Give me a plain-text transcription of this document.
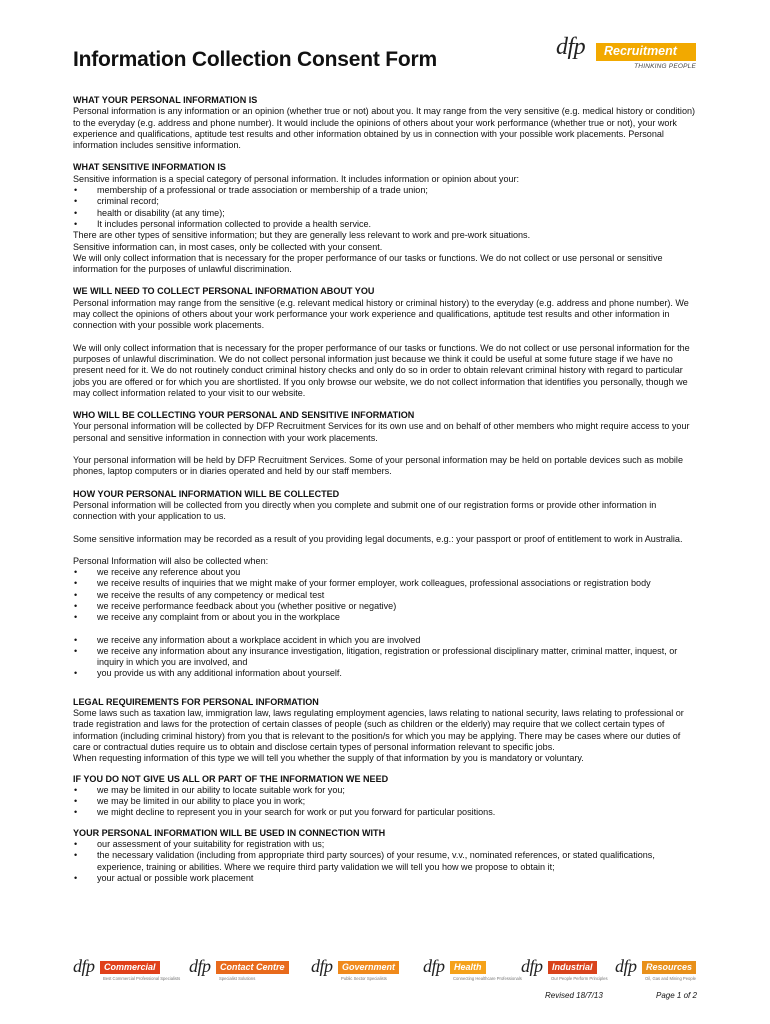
Information Collection Consent Form	dfp Recruitment
THINKING PEOPLE
WHAT YOUR PERSONAL INFORMATION IS

Personal information is any information or an opinion (whether true or not) about you. It may range from the very sensitive (e.g. medical history or condition) to the everyday (e.g. address and phone number). It would include the opinions of others about your work performance (whether true or not), your work experience and qualifications, aptitude test results and other information obtained by us in connection with your possible work placements. Personal information includes sensitive information.

WHAT SENSITIVE INFORMATION IS

Sensitive information is a special category of personal information. It includes information or opinion about your:

• membership of a professional or trade association or membership of a trade union;
• criminal record;
• health or disability (at any time);
• It includes personal information collected to provide a health service.

There are other types of sensitive information; but they are generally less relevant to work and pre-work situations.

Sensitive information can, in most cases, only be collected with your consent.

We will only collect information that is necessary for the proper performance of our tasks or functions. We do not collect or use personal or sensitive information for the purposes of unlawful discrimination.

WE WILL NEED TO COLLECT PERSONAL INFORMATION ABOUT YOU

Personal information may range from the sensitive (e.g. relevant medical history or criminal history) to the everyday (e.g. address and phone number). We may collect the opinions of others about your work performance your work experience and qualifications, aptitude test results and other information in connection with your possible work placements.

We will only collect information that is necessary for the proper performance of our tasks or functions. We do not collect or use personal information for the purposes of unlawful discrimination. We do not collect personal information just because we think it could be useful at some future stage if we have no present need for it. We do not routinely conduct criminal history checks and only do so in order to obtain relevant criminal history with regard to particular jobs you are offered or for which you are shortlisted. If you only browse our website, we do not collect information that identifies you personally, though we may collect information related to your visit to our website.

WHO WILL BE COLLECTING YOUR PERSONAL AND SENSITIVE INFORMATION

Your personal information will be collected by DFP Recruitment Services for its own use and on behalf of other members who might require access to your personal and sensitive information in connection with your work placements.

Your personal information will be held by DFP Recruitment Services. Some of your personal information may be held on portable devices such as mobile phones, laptop computers or in diaries operated and held by our staff members.

HOW YOUR PERSONAL INFORMATION WILL BE COLLECTED

Personal information will be collected from you directly when you complete and submit one of our registration forms or provide other information in connection with your application to us.

Some sensitive information may be recorded as a result of you providing legal documents, e.g.: your passport or proof of entitlement to work in Australia.

Personal Information will also be collected when:

• we receive any reference about you
• we receive results of inquiries that we might make of your former employer, work colleagues, professional associations or registration body
• we receive the results of any competency or medical test
• we receive performance feedback about you (whether positive or negative)
• we receive any complaint from or about you in the workplace
• we receive any information about a workplace accident in which you are involved
• we receive any information about any insurance investigation, litigation, registration or professional disciplinary matter, criminal matter, inquest, or inquiry in which you are involved, and
• you provide us with any additional information about yourself.
LEGAL REQUIREMENTS FOR PERSONAL INFORMATION

Some laws such as taxation law, immigration law, laws regulating employment agencies, laws relating to national security, laws relating to professional or trade registration and laws for the protection of certain classes of people (such as children or the elderly) may require that we collect certain types of information (including criminal history) from you that is relevant to the position/s for which you may be applying. There may be cases where our duties of care or contractual duties require us to obtain and disclose certain types of personal information relevant to specific jobs.

When requesting information of this type we will tell you whether the supply of that information by you is mandatory or voluntary.

IF YOU DO NOT GIVE US ALL OR PART OF THE INFORMATION WE NEED
• we may be limited in our ability to locate suitable work for you;
• we may be limited in our ability to place you in work;
• we might decline to represent you in your search for work or put you forward for particular positions.
YOUR PERSONAL INFORMATION WILL BE USED IN CONNECTION WITH
• our assessment of your suitability for registration with us;
• the necessary validation (including from appropriate third party sources) of your resume, v.v., nominated references, or stated qualifications, experience, training or abilities. Where we require third party validation we will tell you how we propose to obtain it;
• your actual or possible work placement
dfp	Commercial
Best Commercial Professional Specialists
dfp	Contact Centre
Specialist Solutions
dfp	Government
Public Sector Specialists
dfp	Health
Connecting Healthcare Professionals
dfp	Industrial
Our People Perform Principles
dfp	Resources
Oil, Gas and Mining People
Revised 18/7/13	Page 1 of 2
